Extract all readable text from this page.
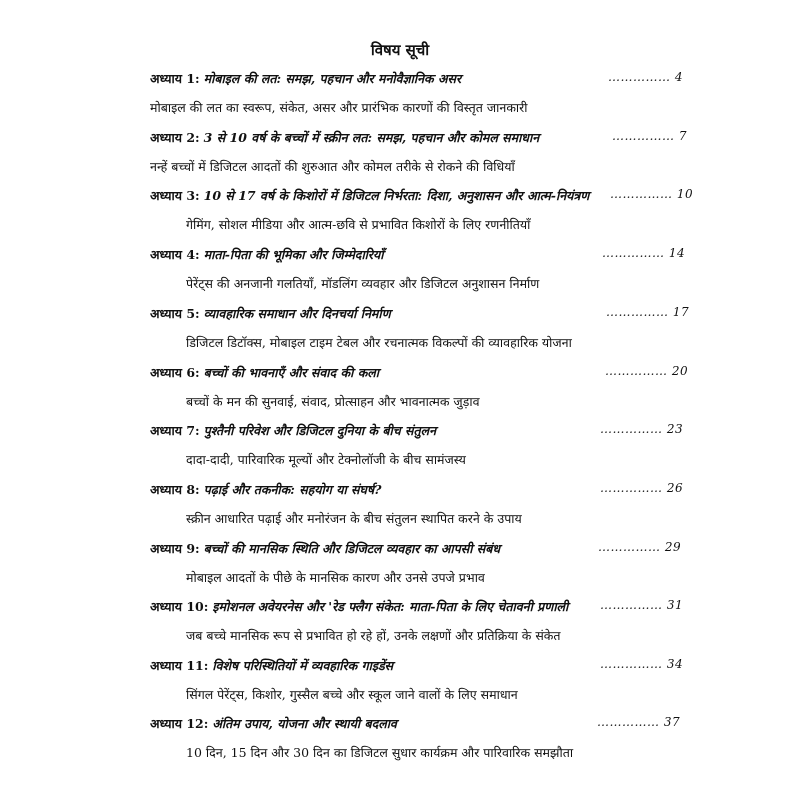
विषय सूची
अध्याय 1: मोबाइल की लत: समझ, पहचान और मनोवैज्ञानिक असर	…………… 4
मोबाइल की लत का स्वरूप, संकेत, असर और प्रारंभिक कारणों की विस्तृत जानकारी
अध्याय 2: 3 से 10 वर्ष के बच्चों में स्क्रीन लत: समझ, पहचान और कोमल समाधान	…………… 7
नन्हें बच्चों में डिजिटल आदतों की शुरुआत और कोमल तरीके से रोकने की विधियाँ
अध्याय 3: 10 से 17 वर्ष के किशोरों में डिजिटल निर्भरता: दिशा, अनुशासन और आत्म-नियंत्रण …………… 10
गेमिंग, सोशल मीडिया और आत्म-छवि से प्रभावित किशोरों के लिए रणनीतियाँ
अध्याय 4: माता-पिता की भूमिका और जिम्मेदारियाँ	…………… 14
पेरेंट्स की अनजानी गलतियाँ, मॉडलिंग व्यवहार और डिजिटल अनुशासन निर्माण
अध्याय 5: व्यावहारिक समाधान और दिनचर्या निर्माण	…………… 17
डिजिटल डिटॉक्स, मोबाइल टाइम टेबल और रचनात्मक विकल्पों की व्यावहारिक योजना
अध्याय 6: बच्चों की भावनाएँ और संवाद की कला	…………… 20
बच्चों के मन की सुनवाई, संवाद, प्रोत्साहन और भावनात्मक जुड़ाव
अध्याय 7: पुश्तैनी परिवेश और डिजिटल दुनिया के बीच संतुलन	…………… 23
दादा-दादी, पारिवारिक मूल्यों और टेक्नोलॉजी के बीच सामंजस्य
अध्याय 8: पढ़ाई और तकनीक: सहयोग या संघर्ष?	…………… 26
स्क्रीन आधारित पढ़ाई और मनोरंजन के बीच संतुलन स्थापित करने के उपाय
अध्याय 9: बच्चों की मानसिक स्थिति और डिजिटल व्यवहार का आपसी संबंध	…………… 29
मोबाइल आदतों के पीछे के मानसिक कारण और उनसे उपजे प्रभाव
अध्याय 10: इमोशनल अवेयरनेस और 'रेड फ्लैग संकेत: माता-पिता के लिए चेतावनी प्रणाली	…………… 31
जब बच्चे मानसिक रूप से प्रभावित हो रहे हों, उनके लक्षणों और प्रतिक्रिया के संकेत
अध्याय 11: विशेष परिस्थितियों में व्यवहारिक गाइडेंस	…………… 34
सिंगल पेरेंट्स, किशोर, गुस्सैल बच्चे और स्कूल जाने वालों के लिए समाधान
अध्याय 12: अंतिम उपाय, योजना और स्थायी बदलाव	…………… 37
10 दिन, 15 दिन और 30 दिन का डिजिटल सुधार कार्यक्रम और पारिवारिक समझौता
